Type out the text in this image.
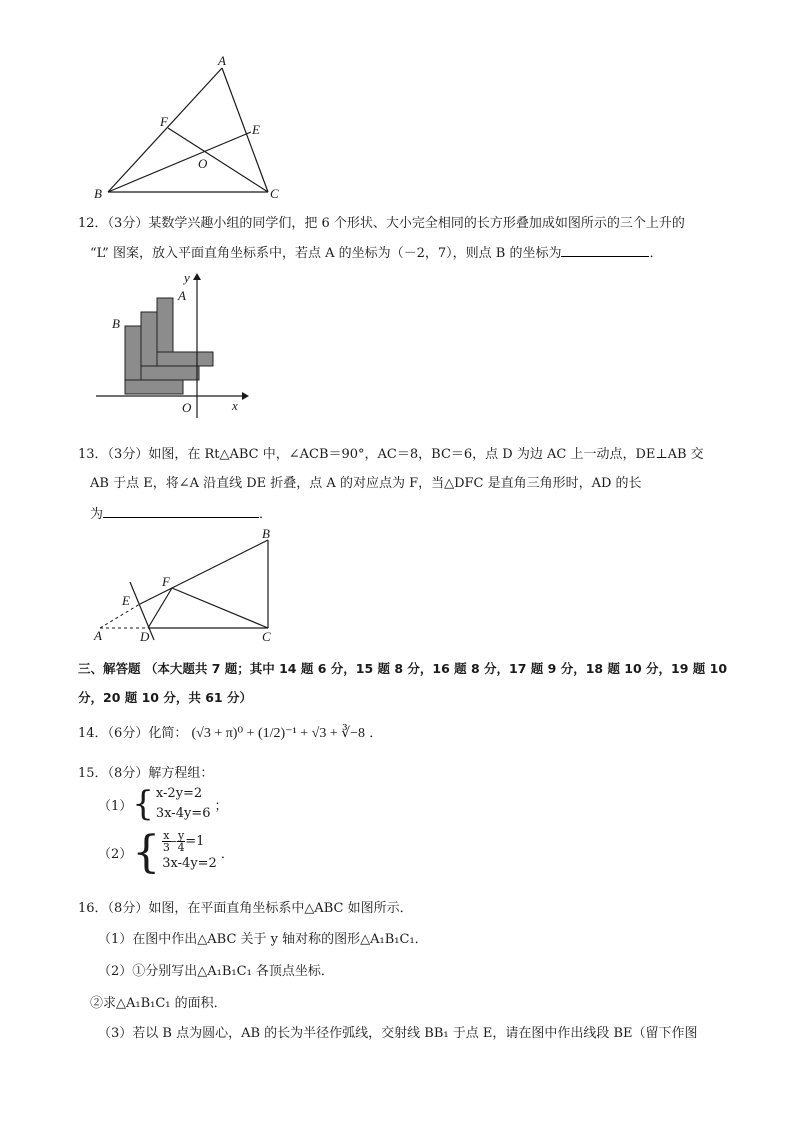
A
B	C
E
F
O
12．（3分）某数学兴趣小组的同学们，把 6 个形状、大小完全相同的长方形叠加成如图所示的三个上升的
“L” 图案，放入平面直角坐标系中，若点 A 的坐标为（－2，7），则点 B 的坐标为	．
A
B
O	x
y
13．（3分）如图，在 Rt△ABC 中，∠ACB＝90°，AC＝8，BC＝6，点 D 为边 AC 上一动点，DE⊥AB 交
AB 于点 E，将∠A 沿直线 DE 折叠，点 A 的对应点为 F，当△DFC 是直角三角形时，AD 的长
为	．
A
B
C
D
E
F
三、解答题 （本大题共 7 题；其中 14 题 6 分，15 题 8 分，16 题 8 分，17 题 9 分，18 题 10 分，19 题 10
分，20 题 10 分，共 61 分）
14．（6分）化简： (√3 + π)⁰ + (1/2)⁻¹ + √3 + ∛−8 ．
15．（8分）解方程组：
（1） { x-2y=2
3x-4y=6 ；
（2） { $\frac{x}{3} - \frac{y}{4} =1$
3x-4y=2
．
16．（8分）如图，在平面直角坐标系中△ABC 如图所示．
（1）在图中作出△ABC 关于 y 轴对称的图形△A₁B₁C₁．
（2）①分别写出△A₁B₁C₁ 各顶点坐标．
②求△A₁B₁C₁ 的面积．
（3）若以 B 点为圆心，AB 的长为半径作弧线，交射线 BB₁ 于点 E，请在图中作出线段 BE（留下作图
